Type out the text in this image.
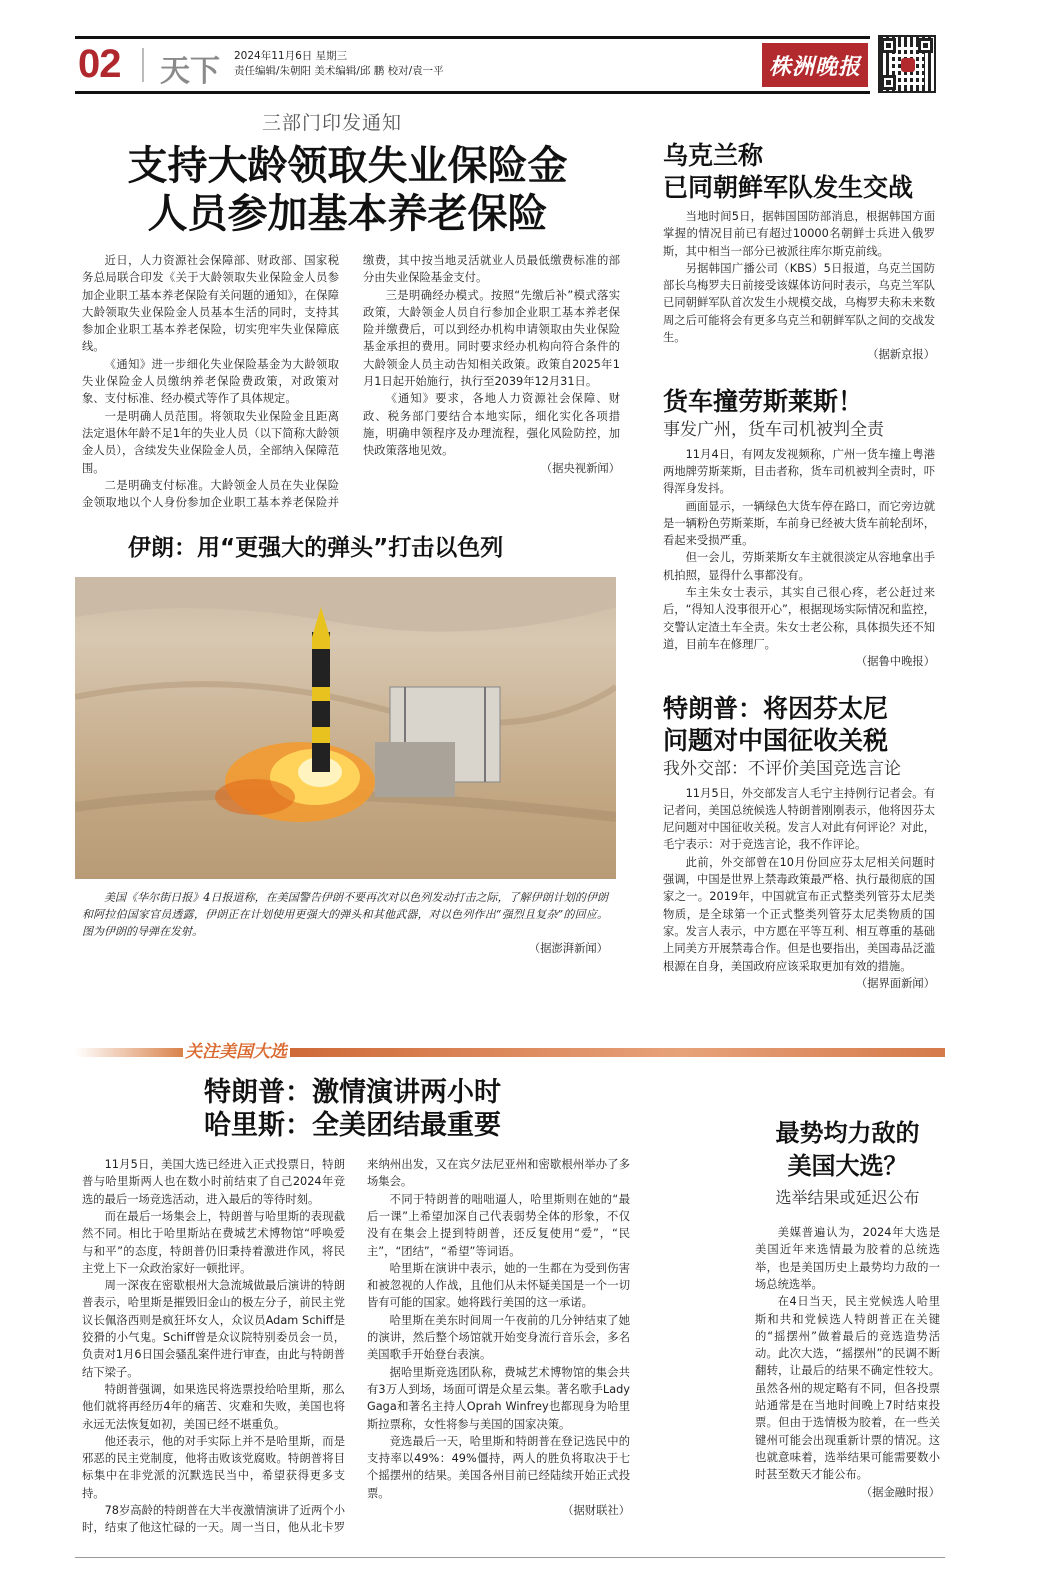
02 天下 2024年11月6日 星期三
责任编辑/朱朝阳 美术编辑/邱 鹏 校对/袁一平	株洲晚报
三部门印发通知
支持大龄领取失业保险金
人员参加基本养老保险

近日，人力资源社会保障部、财政部、国家税务总局联合印发《关于大龄领取失业保险金人员参加企业职工基本养老保险有关问题的通知》，在保障大龄领取失业保险金人员基本生活的同时，支持其参加企业职工基本养老保险，切实兜牢失业保障底线。

《通知》进一步细化失业保险基金为大龄领取失业保险金人员缴纳养老保险费政策，对政策对象、支付标准、经办模式等作了具体规定。

一是明确人员范围。将领取失业保险金且距离法定退休年龄不足1年的失业人员（以下简称大龄领金人员），含续发失业保险金人员，全部纳入保障范围。

二是明确支付标准。大龄领金人员在失业保险金领取地以个人身份参加企业职工基本养老保险并缴费，其中按当地灵活就业人员最低缴费标准的部分由失业保险基金支付。

三是明确经办模式。按照“先缴后补”模式落实政策，大龄领金人员自行参加企业职工基本养老保险并缴费后，可以到经办机构申请领取由失业保险基金承担的费用。同时要求经办机构向符合条件的大龄领金人员主动告知相关政策。政策自2025年1月1日起开始施行，执行至2039年12月31日。

《通知》要求，各地人力资源社会保障、财政、税务部门要结合本地实际，细化实化各项措施，明确申领程序及办理流程，强化风险防控，加快政策落地见效。

（据央视新闻）
伊朗：用“更强大的弹头”打击以色列
美国《华尔街日报》4日报道称，在美国警告伊朗不要再次对以色列发动打击之际，了解伊朗计划的伊朗和阿拉伯国家官员透露，伊朗正在计划使用更强大的弹头和其他武器，对以色列作出“强烈且复杂”的回应。图为伊朗的导弹在发射。
（据澎湃新闻）
乌克兰称
已同朝鲜军队发生交战

当地时间5日，据韩国国防部消息，根据韩国方面掌握的情况目前已有超过10000名朝鲜士兵进入俄罗斯，其中相当一部分已被派往库尔斯克前线。

另据韩国广播公司（KBS）5日报道，乌克兰国防部长乌梅罗夫日前接受该媒体访问时表示，乌克兰军队已同朝鲜军队首次发生小规模交战，乌梅罗夫称未来数周之后可能将会有更多乌克兰和朝鲜军队之间的交战发生。

（据新京报）
货车撞劳斯莱斯！
事发广州，货车司机被判全责

11月4日，有网友发视频称，广州一货车撞上粤港两地牌劳斯莱斯，目击者称，货车司机被判全责时，吓得浑身发抖。

画面显示，一辆绿色大货车停在路口，而它旁边就是一辆粉色劳斯莱斯，车前身已经被大货车前轮刮坏，看起来受损严重。

但一会儿，劳斯莱斯女车主就很淡定从容地拿出手机拍照，显得什么事都没有。

车主朱女士表示，其实自己很心疼，老公赶过来后，“得知人没事很开心”，根据现场实际情况和监控，交警认定渣土车全责。朱女士老公称，具体损失还不知道，目前车在修理厂。

（据鲁中晚报）
特朗普：将因芬太尼
问题对中国征收关税
我外交部：不评价美国竞选言论

11月5日，外交部发言人毛宁主持例行记者会。有记者问，美国总统候选人特朗普刚刚表示，他将因芬太尼问题对中国征收关税。发言人对此有何评论？对此，毛宁表示：对于竞选言论，我不作评论。

此前，外交部曾在10月份回应芬太尼相关问题时强调，中国是世界上禁毒政策最严格、执行最彻底的国家之一。2019年，中国就宣布正式整类列管芬太尼类物质，是全球第一个正式整类列管芬太尼类物质的国家。发言人表示，中方愿在平等互利、相互尊重的基础上同美方开展禁毒合作。但是也要指出，美国毒品泛滥根源在自身，美国政府应该采取更加有效的措施。

（据界面新闻）
关注美国大选
特朗普：激情演讲两小时
哈里斯：全美团结最重要

11月5日，美国大选已经进入正式投票日，特朗普与哈里斯两人也在数小时前结束了自己2024年竞选的最后一场竞选活动，进入最后的等待时刻。

而在最后一场集会上，特朗普与哈里斯的表现截然不同。相比于哈里斯站在费城艺术博物馆“呼唤爱与和平”的态度，特朗普仍旧秉持着激进作风，将民主党上下一众政治家好一顿批评。

周一深夜在密歇根州大急流城做最后演讲的特朗普表示，哈里斯是摧毁旧金山的极左分子，前民主党议长佩洛西则是疯狂坏女人，众议员Adam Schiff是狡猾的小气鬼。Schiff曾是众议院特别委员会一员，负责对1月6日国会骚乱案件进行审查，由此与特朗普结下梁子。

特朗普强调，如果选民将选票投给哈里斯，那么他们就将再经历4年的痛苦、灾难和失败，美国也将永远无法恢复如初，美国已经不堪重负。

他还表示，他的对手实际上并不是哈里斯，而是邪恶的民主党制度，他将击败该党腐败。特朗普将目标集中在非党派的沉默选民当中，希望获得更多支持。

78岁高龄的特朗普在大半夜激情演讲了近两个小时，结束了他这忙碌的一天。周一当日，他从北卡罗来纳州出发，又在宾夕法尼亚州和密歇根州举办了多场集会。

不同于特朗普的咄咄逼人，哈里斯则在她的“最后一课”上希望加深自己代表弱势全体的形象，不仅没有在集会上提到特朗普，还反复使用“爱”，“民主”，“团结”，“希望”等词语。

哈里斯在演讲中表示，她的一生都在为受到伤害和被忽视的人作战，且他们从未怀疑美国是一个一切皆有可能的国家。她将践行美国的这一承诺。

哈里斯在美东时间周一午夜前的几分钟结束了她的演讲，然后整个场馆就开始变身流行音乐会，多名美国歌手开始登台表演。

据哈里斯竞选团队称，费城艺术博物馆的集会共有3万人到场，场面可谓是众星云集。著名歌手Lady Gaga和著名主持人Oprah Winfrey也都现身为哈里斯拉票称，女性将参与美国的国家决策。

竞选最后一天，哈里斯和特朗普在登记选民中的支持率以49%：49%僵持，两人的胜负将取决于七个摇摆州的结果。美国各州目前已经陆续开始正式投票。

（据财联社）
最势均力敌的
美国大选？
选举结果或延迟公布

美媒普遍认为，2024年大选是美国近年来选情最为胶着的总统选举，也是美国历史上最势均力敌的一场总统选举。

在4日当天，民主党候选人哈里斯和共和党候选人特朗普正在关键的“摇摆州”做着最后的竞选造势活动。此次大选，“摇摆州”的民调不断翻转，让最后的结果不确定性较大。虽然各州的规定略有不同，但各投票站通常是在当地时间晚上7时结束投票。但由于选情极为胶着，在一些关键州可能会出现重新计票的情况。这也就意味着，选举结果可能需要数小时甚至数天才能公布。

（据金融时报）
